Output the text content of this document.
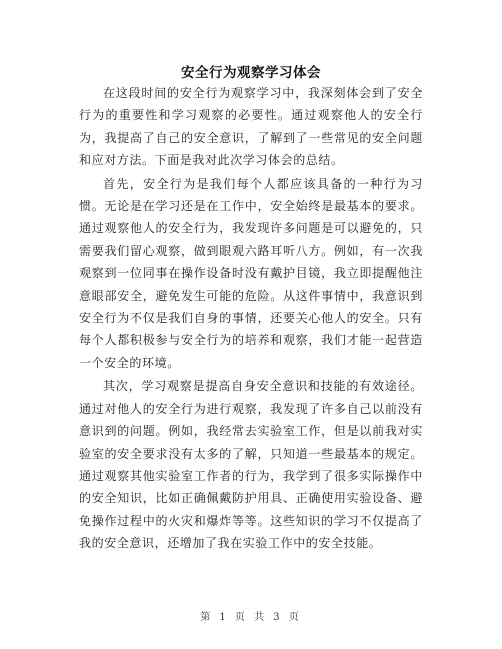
安全行为观察学习体会

在这段时间的安全行为观察学习中，我深刻体会到了安全行为的重要性和学习观察的必要性。通过观察他人的安全行为，我提高了自己的安全意识，了解到了一些常见的安全问题和应对方法。下面是我对此次学习体会的总结。

首先，安全行为是我们每个人都应该具备的一种行为习惯。无论是在学习还是在工作中，安全始终是最基本的要求。通过观察他人的安全行为，我发现许多问题是可以避免的，只需要我们留心观察，做到眼观六路耳听八方。例如，有一次我观察到一位同事在操作设备时没有戴护目镜，我立即提醒他注意眼部安全，避免发生可能的危险。从这件事情中，我意识到安全行为不仅是我们自身的事情，还要关心他人的安全。只有每个人都积极参与安全行为的培养和观察，我们才能一起营造一个安全的环境。

其次，学习观察是提高自身安全意识和技能的有效途径。通过对他人的安全行为进行观察，我发现了许多自己以前没有意识到的问题。例如，我经常去实验室工作，但是以前我对实验室的安全要求没有太多的了解，只知道一些最基本的规定。通过观察其他实验室工作者的行为，我学到了很多实际操作中的安全知识，比如正确佩戴防护用具、正确使用实验设备、避免操作过程中的火灾和爆炸等等。这些知识的学习不仅提高了我的安全意识，还增加了我在实验工作中的安全技能。

第 1 页 共 3 页
